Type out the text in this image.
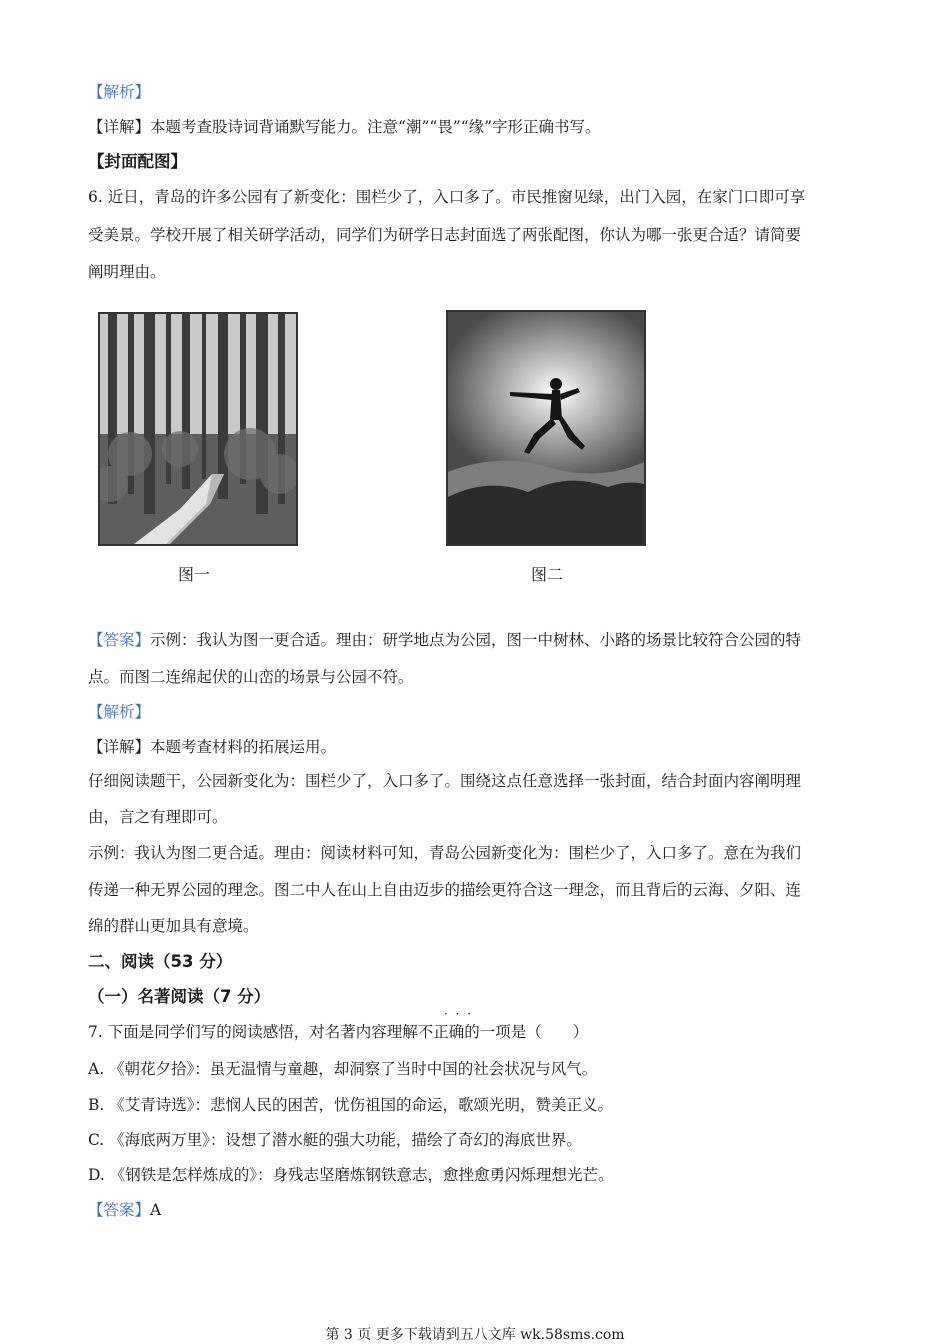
【解析】
【详解】本题考查股诗词背诵默写能力。注意“潮”“畏”“缘”字形正确书写。
【封面配图】
6. 近日，青岛的许多公园有了新变化：围栏少了，入口多了。市民推窗见绿，出门入园，在家门口即可享
受美景。学校开展了相关研学活动，同学们为研学日志封面选了两张配图，你认为哪一张更合适？请简要
阐明理由。
图一	图二
【答案】示例：我认为图一更合适。理由：研学地点为公园，图一中树林、小路的场景比较符合公园的特
点。而图二连绵起伏的山峦的场景与公园不符。
【解析】
【详解】本题考查材料的拓展运用。
仔细阅读题干，公园新变化为：围栏少了，入口多了。围绕这点任意选择一张封面，结合封面内容阐明理
由，言之有理即可。
示例：我认为图二更合适。理由：阅读材料可知，青岛公园新变化为：围栏少了，入口多了。意在为我们
传递一种无界公园的理念。图二中人在山上自由迈步的描绘更符合这一理念，而且背后的云海、夕阳、连
绵的群山更加具有意境。
二、阅读（53 分）
（一）名著阅读（7 分）
· · ·
7. 下面是同学们写的阅读感悟，对名著内容理解不正确的一项是（　　）
A. 《朝花夕拾》：虽无温情与童趣，却洞察了当时中国的社会状况与风气。
B. 《艾青诗选》：悲悯人民的困苦，忧伤祖国的命运，歌颂光明，赞美正义。
C. 《海底两万里》：设想了潜水艇的强大功能，描绘了奇幻的海底世界。
D. 《钢铁是怎样炼成的》：身残志坚磨炼钢铁意志，愈挫愈勇闪烁理想光芒。
【答案】A
第 3 页 更多下载请到五八文库 wk.58sms.com
